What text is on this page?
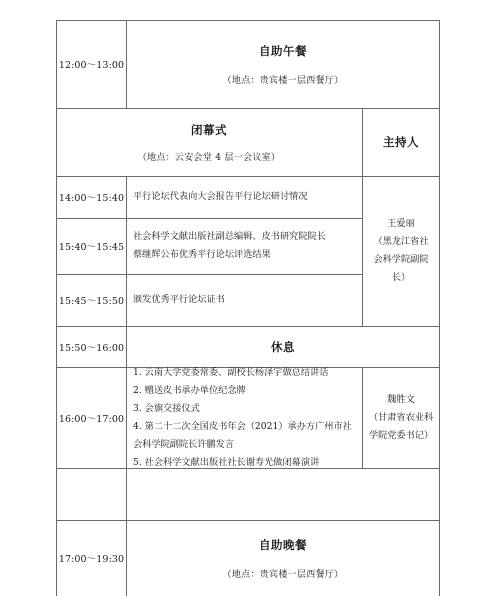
12:00～13:00
自助午餐
（地点：贵宾楼一层西餐厅）
闭幕式
（地点：云安会堂 4 层一会议室）
主持人
14:00～15:40 平行论坛代表向大会报告平行论坛研讨情况
15:40～15:45
社会科学文献出版社副总编辑、皮书研究院院长
蔡继辉公布优秀平行论坛评选结果
15:45～15:50 颁发优秀平行论坛证书
王爱丽
（黑龙江省社
会科学院副院
长）
15:50～16:00	休息
16:00～17:00
1. 云南大学党委常委、副校长杨泽宇做总结讲话
2. 赠送皮书承办单位纪念牌
3. 会旗交接仪式
4. 第二十二次全国皮书年会（2021）承办方广州市社
会科学院副院长许鹏发言
5. 社会科学文献出版社社长谢寿光做闭幕演讲
魏胜文
（甘肃省农业科
学院党委书记）
17:00～19:30
自助晚餐
（地点：贵宾楼一层西餐厅）
